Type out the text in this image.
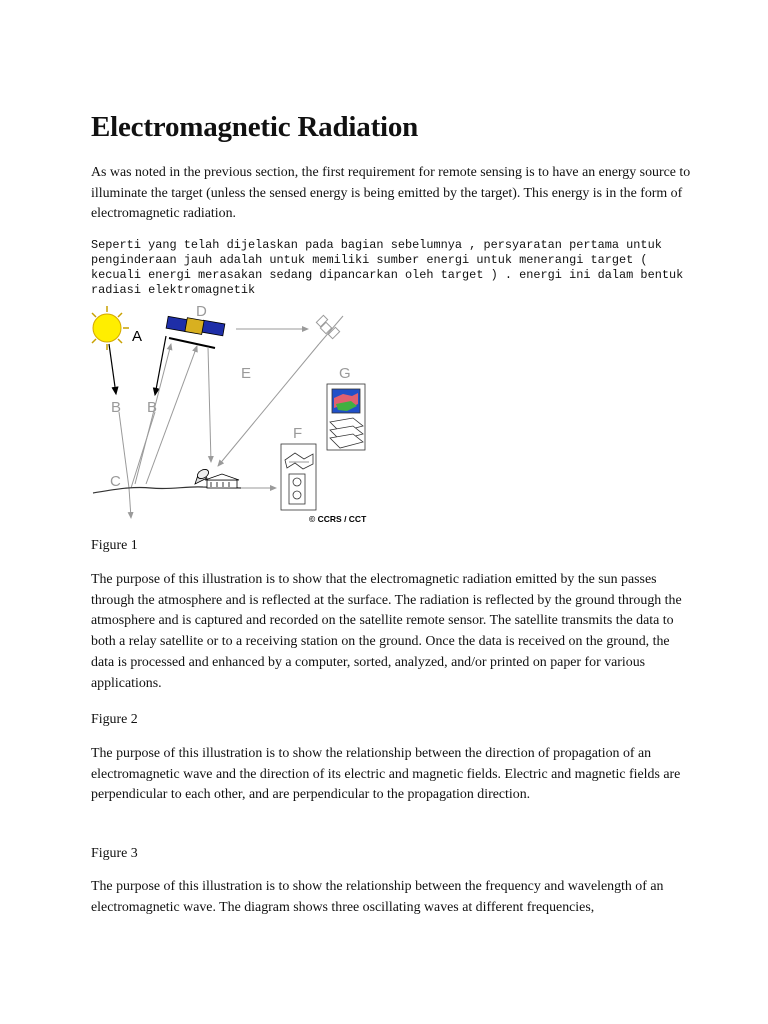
Electromagnetic Radiation

As was noted in the previous section, the first requirement for remote sensing is to have an energy source to illuminate the target (unless the sensed energy is being emitted by the target). This energy is in the form of electromagnetic radiation.

Seperti yang telah dijelaskan pada bagian sebelumnya , persyaratan pertama untuk penginderaan jauh adalah untuk memiliki sumber energi untuk menerangi target ( kecuali energi merasakan sedang dipancarkan oleh target ) . energi ini dalam bentuk radiasi elektromagnetik

Figure 1

The purpose of this illustration is to show that the electromagnetic radiation emitted by the sun passes through the atmosphere and is reflected at the surface. The radiation is reflected by the ground through the atmosphere and is captured and recorded on the satellite remote sensor. The satellite transmits the data to both a relay satellite or to a receiving station on the ground. Once the data is received on the ground, the data is processed and enhanced by a computer, sorted, analyzed, and/or printed on paper for various applications.

Figure 2

The purpose of this illustration is to show the relationship between the direction of propagation of an electromagnetic wave and the direction of its electric and magnetic fields. Electric and magnetic fields are perpendicular to each other, and are perpendicular to the propagation direction.

Figure 3

The purpose of this illustration is to show the relationship between the frequency and wavelength of an electromagnetic wave. The diagram shows three oscillating waves at different frequencies,

A
D
B B
E
C
F
G
© CCRS / CCT
